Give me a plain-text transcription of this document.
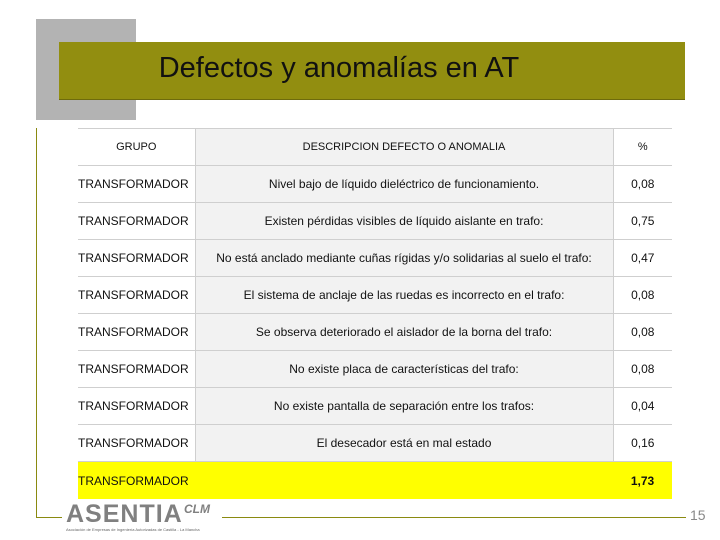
Defectos y anomalías en AT
GRUPO	DESCRIPCION DEFECTO O ANOMALIA	%
TRANSFORMADOR	Nivel bajo de líquido dieléctrico de funcionamiento.	0,08
TRANSFORMADOR	Existen pérdidas visibles de líquido aislante en trafo:	0,75
TRANSFORMADOR	No está anclado mediante cuñas rígidas y/o solidarias al suelo el trafo:	0,47
TRANSFORMADOR	El sistema de anclaje de las ruedas es incorrecto en el trafo:	0,08
TRANSFORMADOR	Se observa deteriorado el aislador de la borna del trafo:	0,08
TRANSFORMADOR	No existe placa de características del trafo:	0,08
TRANSFORMADOR	No existe pantalla de separación entre los trafos:	0,04
TRANSFORMADOR	El desecador está en mal estado	0,16
TRANSFORMADOR		1,73
ASENTIA CLM
Asociación de Empresas de Ingeniería Autorizadas de Castilla - La Mancha
15
